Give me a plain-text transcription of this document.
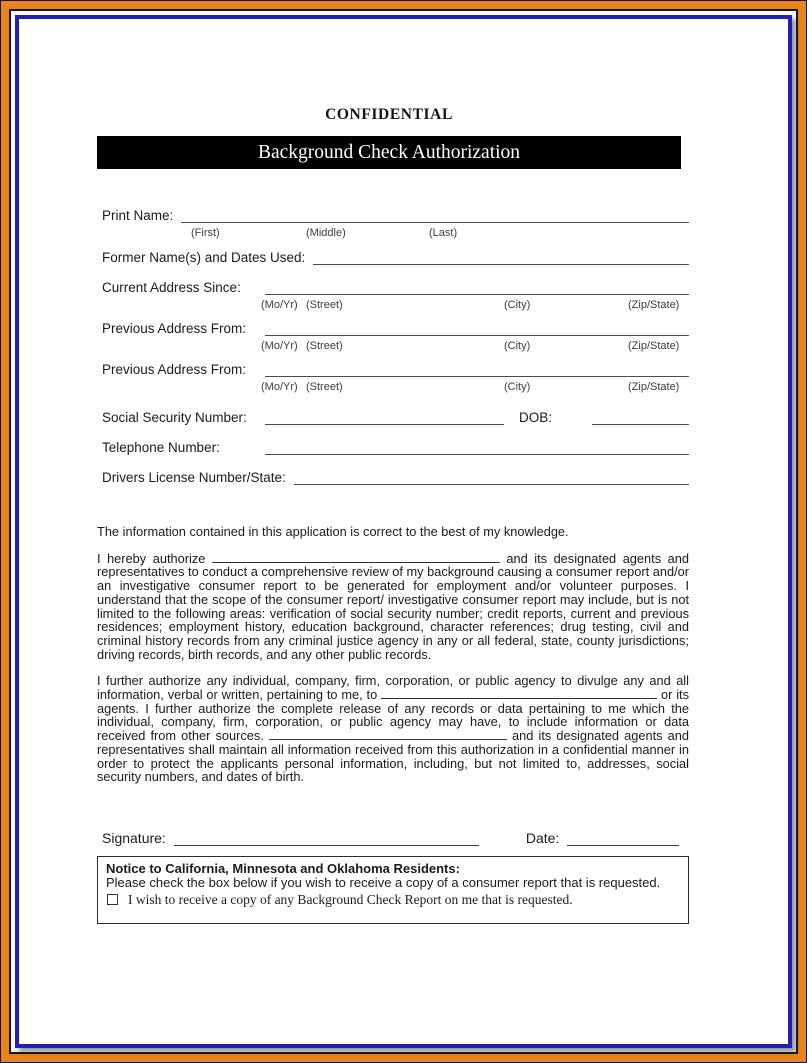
CONFIDENTIAL
Background Check Authorization
Print Name:
(First)	(Middle)	(Last)
Former Name(s) and Dates Used:
Current Address Since:
(Mo/Yr) (Street)	(City)	(Zip/State)
Previous Address From:
(Mo/Yr) (Street)	(City)	(Zip/State)
Previous Address From:
(Mo/Yr) (Street)	(City)	(Zip/State)
Social Security Number:	DOB:
Telephone Number:
Drivers License Number/State:

The information contained in this application is correct to the best of my knowledge.

I hereby authorize	and its designated agents and representatives to conduct a comprehensive review of my background causing a consumer report and/or an investigative consumer report to be generated for employment and/or volunteer purposes. I understand that the scope of the consumer report/ investigative consumer report may include, but is not limited to the following areas: verification of social security number; credit reports, current and previous residences; employment history, education background, character references; drug testing, civil and criminal history records from any criminal justice agency in any or all federal, state, county jurisdictions; driving records, birth records, and any other public records.

I further authorize any individual, company, firm, corporation, or public agency to divulge any and all information, verbal or written, pertaining to me, to	or its agents. I further authorize the complete release of any records or data pertaining to me which the individual, company, firm, corporation, or public agency may have, to include information or data received from other sources.	and its designated agents and representatives shall maintain all information received from this authorization in a confidential manner in order to protect the applicants personal information, including, but not limited to, addresses, social security numbers, and dates of birth.

Signature:	Date:
Notice to California, Minnesota and Oklahoma Residents:
Please check the box below if you wish to receive a copy of a consumer report that is requested.
I wish to receive a copy of any Background Check Report on me that is requested.
